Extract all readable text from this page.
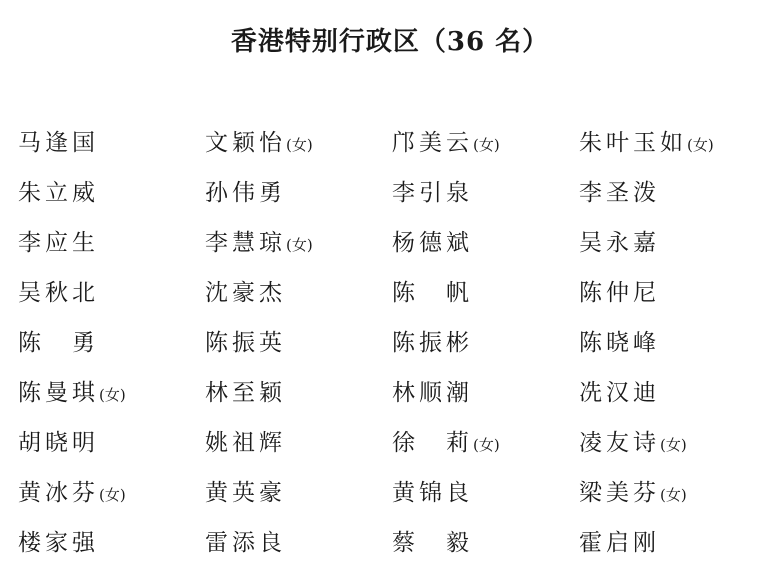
香港特别行政区（36 名）
马逢国	文颖怡(女)	邝美云(女)	朱叶玉如(女)
朱立威	孙伟勇	李引泉	李圣泼
李应生	李慧琼(女)	杨德斌	吴永嘉
吴秋北	沈豪杰	陈　帆	陈仲尼
陈　勇	陈振英	陈振彬	陈晓峰
陈曼琪(女)	林至颖	林顺潮	冼汉迪
胡晓明	姚祖辉	徐　莉(女)	凌友诗(女)
黄冰芬(女)	黄英豪	黄锦良	梁美芬(女)
楼家强	雷添良	蔡　毅	霍启刚
